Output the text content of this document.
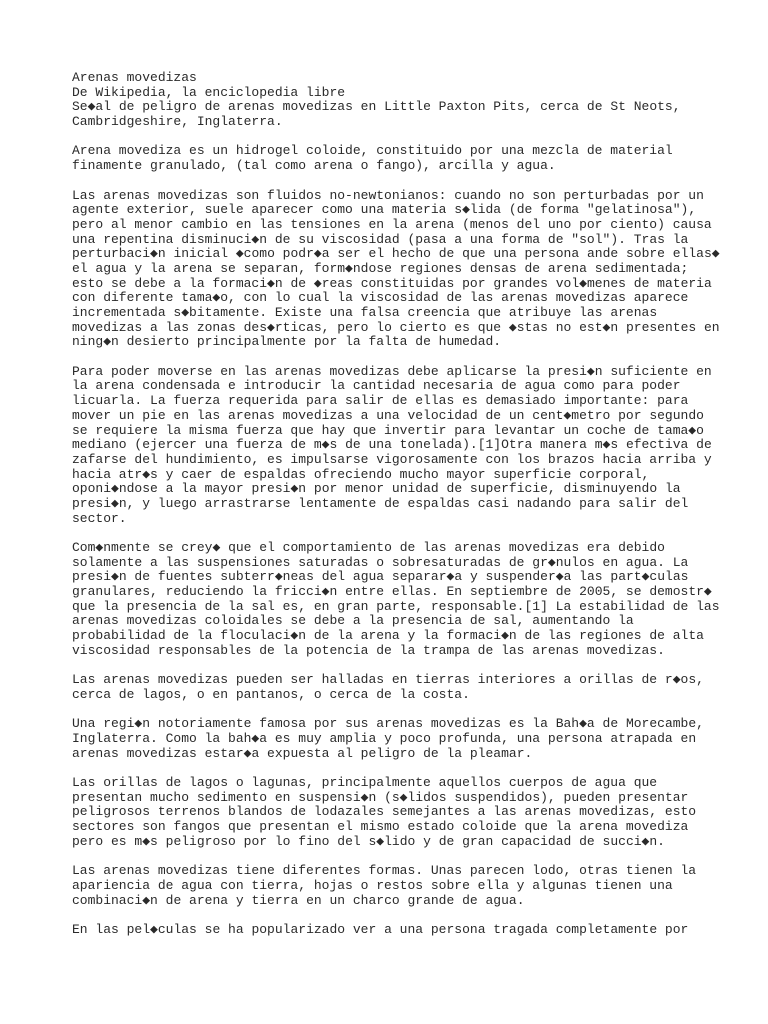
Arenas movedizas
De Wikipedia, la enciclopedia libre
Se◆al de peligro de arenas movedizas en Little Paxton Pits, cerca de St Neots,
Cambridgeshire, Inglaterra.
Arena movediza es un hidrogel coloide, constituido por una mezcla de material
finamente granulado, (tal como arena o fango), arcilla y agua.
Las arenas movedizas son fluidos no-newtonianos: cuando no son perturbadas por un
agente exterior, suele aparecer como una materia s◆lida (de forma "gelatinosa"),
pero al menor cambio en las tensiones en la arena (menos del uno por ciento) causa
una repentina disminuci◆n de su viscosidad (pasa a una forma de "sol"). Tras la
perturbaci◆n inicial ◆como podr◆a ser el hecho de que una persona ande sobre ellas◆
el agua y la arena se separan, form◆ndose regiones densas de arena sedimentada;
esto se debe a la formaci◆n de ◆reas constituidas por grandes vol◆menes de materia
con diferente tama◆o, con lo cual la viscosidad de las arenas movedizas aparece
incrementada s◆bitamente. Existe una falsa creencia que atribuye las arenas
movedizas a las zonas des◆rticas, pero lo cierto es que ◆stas no est◆n presentes en
ning◆n desierto principalmente por la falta de humedad.
Para poder moverse en las arenas movedizas debe aplicarse la presi◆n suficiente en
la arena condensada e introducir la cantidad necesaria de agua como para poder
licuarla. La fuerza requerida para salir de ellas es demasiado importante: para
mover un pie en las arenas movedizas a una velocidad de un cent◆metro por segundo
se requiere la misma fuerza que hay que invertir para levantar un coche de tama◆o
mediano (ejercer una fuerza de m◆s de una tonelada).[1]Otra manera m◆s efectiva de
zafarse del hundimiento, es impulsarse vigorosamente con los brazos hacia arriba y
hacia atr◆s y caer de espaldas ofreciendo mucho mayor superficie corporal,
oponi◆ndose a la mayor presi◆n por menor unidad de superficie, disminuyendo la
presi◆n, y luego arrastrarse lentamente de espaldas casi nadando para salir del
sector.
Com◆nmente se crey◆ que el comportamiento de las arenas movedizas era debido
solamente a las suspensiones saturadas o sobresaturadas de gr◆nulos en agua. La
presi◆n de fuentes subterr◆neas del agua separar◆a y suspender◆a las part◆culas
granulares, reduciendo la fricci◆n entre ellas. En septiembre de 2005, se demostr◆
que la presencia de la sal es, en gran parte, responsable.[1] La estabilidad de las
arenas movedizas coloidales se debe a la presencia de sal, aumentando la
probabilidad de la floculaci◆n de la arena y la formaci◆n de las regiones de alta
viscosidad responsables de la potencia de la trampa de las arenas movedizas.
Las arenas movedizas pueden ser halladas en tierras interiores a orillas de r◆os,
cerca de lagos, o en pantanos, o cerca de la costa.
Una regi◆n notoriamente famosa por sus arenas movedizas es la Bah◆a de Morecambe,
Inglaterra. Como la bah◆a es muy amplia y poco profunda, una persona atrapada en
arenas movedizas estar◆a expuesta al peligro de la pleamar.
Las orillas de lagos o lagunas, principalmente aquellos cuerpos de agua que
presentan mucho sedimento en suspensi◆n (s◆lidos suspendidos), pueden presentar
peligrosos terrenos blandos de lodazales semejantes a las arenas movedizas, esto
sectores son fangos que presentan el mismo estado coloide que la arena movediza
pero es m◆s peligroso por lo fino del s◆lido y de gran capacidad de succi◆n.
Las arenas movedizas tiene diferentes formas. Unas parecen lodo, otras tienen la
apariencia de agua con tierra, hojas o restos sobre ella y algunas tienen una
combinaci◆n de arena y tierra en un charco grande de agua.
En las pel◆culas se ha popularizado ver a una persona tragada completamente por
